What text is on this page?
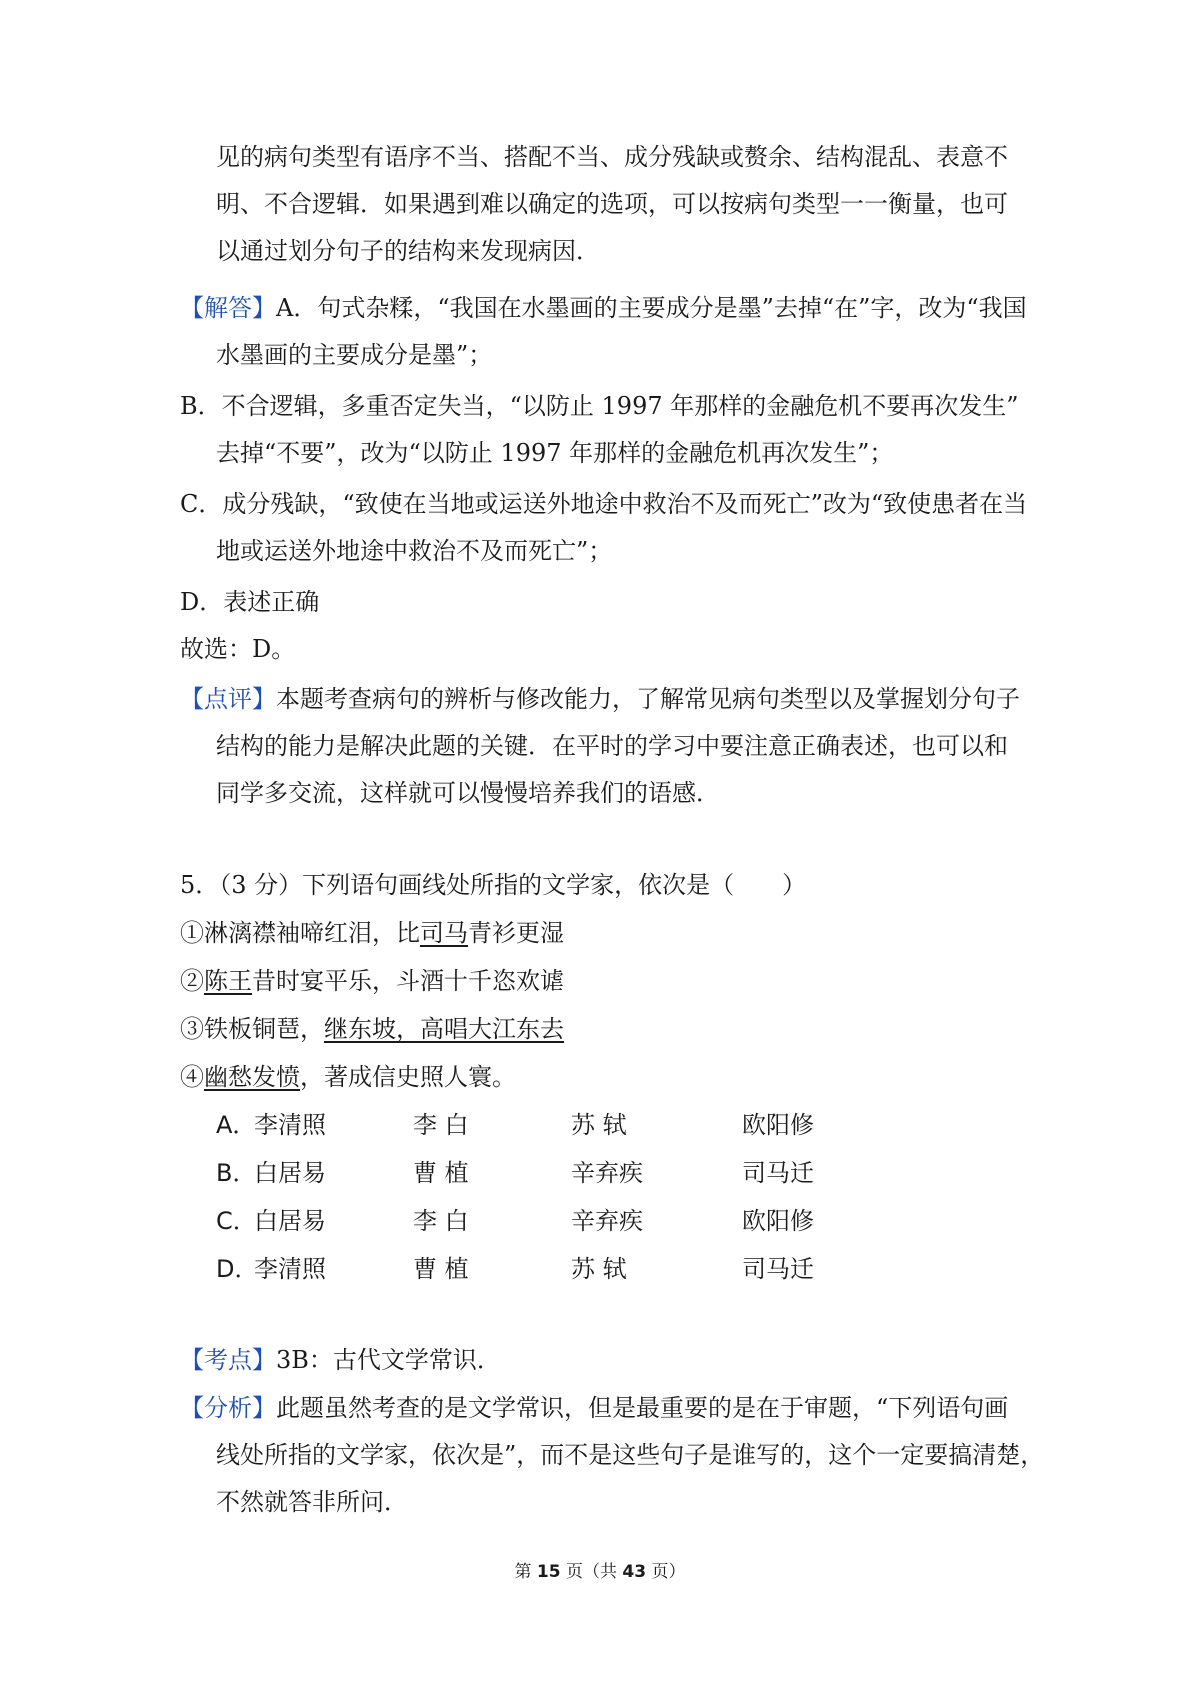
见的病句类型有语序不当、搭配不当、成分残缺或赘余、结构混乱、表意不
明、不合逻辑．如果遇到难以确定的选项，可以按病句类型一一衡量，也可
以通过划分句子的结构来发现病因．
【解答】A．句式杂糅，“我国在水墨画的主要成分是墨”去掉“在”字，改为“我国
水墨画的主要成分是墨”；
B．不合逻辑，多重否定失当，“以防止 1997 年那样的金融危机不要再次发生”
去掉“不要”，改为“以防止 1997 年那样的金融危机再次发生”；
C．成分残缺，“致使在当地或运送外地途中救治不及而死亡”改为“致使患者在当
地或运送外地途中救治不及而死亡”；
D．表述正确
故选：D。
【点评】本题考查病句的辨析与修改能力，了解常见病句类型以及掌握划分句子
结构的能力是解决此题的关键．在平时的学习中要注意正确表述，也可以和
同学多交流，这样就可以慢慢培养我们的语感．
5．（3 分）下列语句画线处所指的文学家，依次是（　　）
①淋漓襟袖啼红泪，比司马青衫更湿
②陈王昔时宴平乐，斗酒十千恣欢谑
③铁板铜琶，继东坡，高唱大江东去
④幽愁发愤，著成信史照人寰。
A．
李清照	李 白	苏 轼	欧阳修
B．
白居易	曹 植	辛弃疾	司马迁
C．
白居易	李 白	辛弃疾	欧阳修
D．
李清照	曹 植	苏 轼	司马迁
【考点】3B：古代文学常识．
【分析】此题虽然考查的是文学常识，但是最重要的是在于审题，“下列语句画
线处所指的文学家，依次是”，而不是这些句子是谁写的，这个一定要搞清楚，
不然就答非所问．
第 15 页（共 43 页）
